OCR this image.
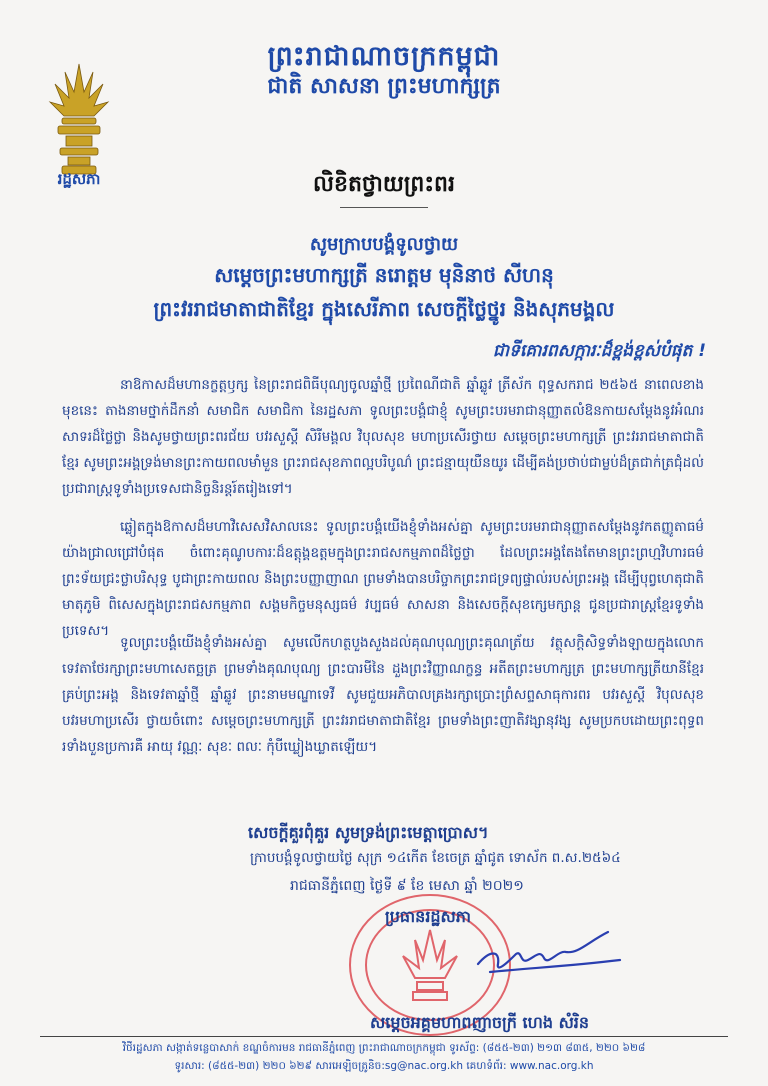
ព្រះរាជាណាចក្រកម្ពុជា
ជាតិ សាសនា ព្រះមហាក្សត្រ
រដ្ឋសភា	លិខិតថ្វាយព្រះពរ
សូមក្រាបបង្គំទូលថ្វាយ
សម្ដេចព្រះមហាក្សត្រី នរោត្តម មុនិនាថ សីហនុ
ព្រះវររាជមាតាជាតិខ្មែរ ក្នុងសេរីភាព សេចក្ដីថ្លៃថ្នូរ និងសុភមង្គល
ជាទីគោរពសក្ការៈដ៏ខ្ពង់ខ្ពស់បំផុត !
នាឱកាសដ៏មហានក្ខត្តឫក្ស នៃព្រះរាជពិធីបុណ្យចូលឆ្នាំថ្មី ប្រពៃណីជាតិ ឆ្នាំឆ្លូវ ត្រីស័ក ពុទ្ធសករាជ ២៥៦៥ នាពេលខាងមុខនេះ តាងនាមថ្នាក់ដឹកនាំ សមាជិក សមាជិកា នៃរដ្ឋសភា ទូលព្រះបង្គំជាខ្ញុំ សូមព្រះបរមរាជានុញ្ញាតលំឱនកាយសម្ដែងនូវអំណរសាទរដ៏ថ្លៃថ្លា និងសូមថ្វាយព្រះពរជ័យ បវរសួស្ដី សិរីមង្គល វិបុលសុខ មហាប្រសើរថ្វាយ សម្ដេចព្រះមហាក្សត្រី ព្រះវររាជមាតាជាតិខ្មែរ សូមព្រះអង្គទ្រង់មានព្រះកាយពលមាំមួន ព្រះរាជសុខភាពល្អបរិបូណ៌ ព្រះជន្មាយុយឺនយូរ ដើម្បីគង់ប្រថាប់ជាម្លប់ដ៏ត្រជាក់ត្រជុំដល់ប្រជារាស្ត្រទូទាំងប្រទេសជានិច្ចនិរន្តរ៍តរៀងទៅ។
ឆ្លៀតក្នុងឱកាសដ៏មហាវិសេសវិសាលនេះ ទូលព្រះបង្គំយើងខ្ញុំទាំងអស់គ្នា សូមព្រះបរមរាជានុញ្ញាតសម្ដែងនូវកតញ្ញូតាធម៌យ៉ាងជ្រាលជ្រៅបំផុត ចំពោះគុណូបការៈដ៏ឧត្តុង្គឧត្ដមក្នុងព្រះរាជសកម្មភាពដ៏ថ្លៃថ្លា ដែលព្រះអង្គតែងតែមានព្រះព្រហ្មវិហារធម៌ ព្រះទ័យជ្រះថ្លាបរិសុទ្ធ បូជាព្រះកាយពល និងព្រះបញ្ញាញាណ ព្រមទាំងបានបរិច្ចាកព្រះរាជទ្រព្យផ្ទាល់របស់ព្រះអង្គ ដើម្បីបុព្វហេតុជាតិមាតុភូមិ ពិសេសក្នុងព្រះរាជសកម្មភាព សង្គមកិច្ចមនុស្សធម៌ វប្បធម៌ សាសនា និងសេចក្ដីសុខក្សេមក្សាន្ត ជូនប្រជារាស្ត្រខ្មែរទូទាំងប្រទេស។
ទូលព្រះបង្គំយើងខ្ញុំទាំងអស់គ្នា សូមលើកហត្ថបួងសួងដល់គុណបុណ្យព្រះគុណត្រ័យ វត្ថុសក្ដិសិទ្ធទាំងឡាយក្នុងលោក ទេវតាថែរក្សាព្រះមហាសេតច្ឆត្រ ព្រមទាំងគុណបុណ្យ ព្រះបារមីនៃ ដួងព្រះវិញ្ញាណក្ខន្ធ អតីតព្រះមហាក្សត្រ ព្រះមហាក្សត្រីយានីខ្មែរគ្រប់ព្រះអង្គ និងទេវតាឆ្នាំថ្មី ឆ្នាំឆ្លូវ ព្រះនាមមណ្ឌាទេវី សូមជួយអភិបាលគ្រងរក្សាប្រោះព្រំសព្ទសាធុការពរ បវរសួស្ដី វិបុលសុខ បវរមហាប្រសើរ ថ្វាយចំពោះ សម្ដេចព្រះមហាក្សត្រី ព្រះវររាជមាតាជាតិខ្មែរ ព្រមទាំងព្រះញាតិវង្សានុវង្ស សូមប្រកបដោយព្រះពុទ្ធពរទាំងបួនប្រការគឺ អាយុ វណ្ណៈ សុខៈ ពលៈ កុំបីឃ្លៀងឃ្លាតឡើយ។
សេចក្ដីគួរពុំគួរ សូមទ្រង់ព្រះមេត្តាប្រោស។
ក្រាបបង្គំទូលថ្វាយថ្ងៃ សុក្រ ១៤កើត ខែចេត្រ ឆ្នាំជូត ទោស័ក ព.ស.២៥៦៤
រាជធានីភ្នំពេញ ថ្ងៃទី ៩ ខែ មេសា ឆ្នាំ ២០២១
ប្រធានរដ្ឋសភា
សម្ដេចអគ្គមហាពញាចក្រី ហេង សំរិន
វិថីរដ្ឋសភា សង្កាត់ទន្លេបាសាក់ ខណ្ឌចំការមន រាជធានីភ្នំពេញ ព្រះរាជាណាចក្រកម្ពុជា ទូរស័ព្ទ: (៨៥៥-២៣) ២១៣ ៨៣៥, ២២០ ៦២៨
ទូរសារ: (៨៥៥-២៣) ២២០ ៦២៩ សារអេឡិចត្រូនិច:sg@nac.org.kh គេហទំព័រ: www.nac.org.kh
